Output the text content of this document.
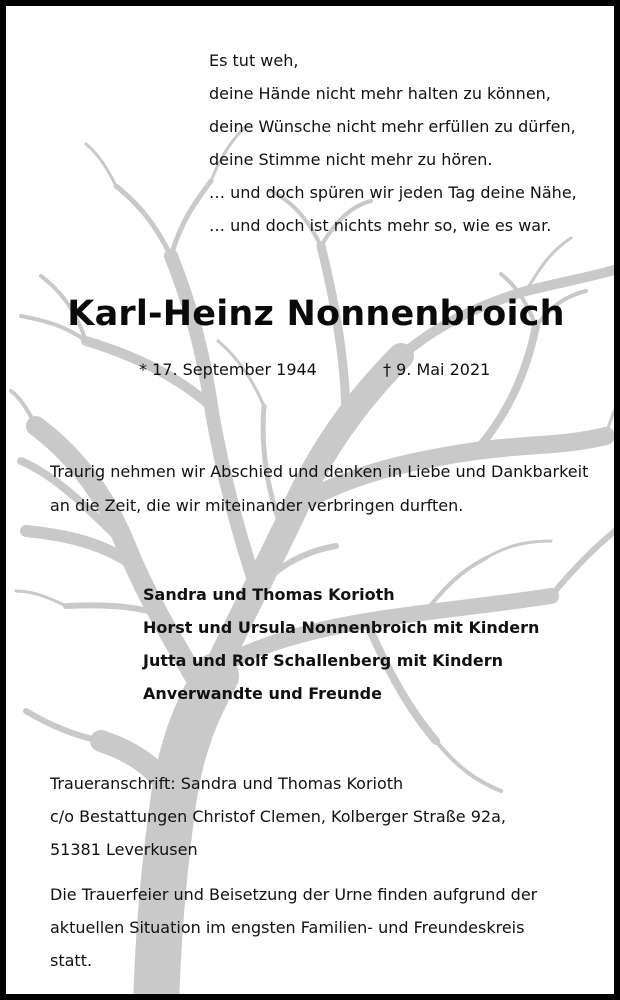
Es tut weh,
deine Hände nicht mehr halten zu können,
deine Wünsche nicht mehr erfüllen zu dürfen,
deine Stimme nicht mehr zu hören.
… und doch spüren wir jeden Tag deine Nähe,
… und doch ist nichts mehr so, wie es war.
Karl-Heinz Nonnenbroich
* 17. September 1944	† 9. Mai 2021
Traurig nehmen wir Abschied und denken in Liebe und Dankbarkeit
an die Zeit, die wir miteinander verbringen durften.
Sandra und Thomas Korioth
Horst und Ursula Nonnenbroich mit Kindern
Jutta und Rolf Schallenberg mit Kindern
Anverwandte und Freunde
Traueranschrift: Sandra und Thomas Korioth
c/o Bestattungen Christof Clemen, Kolberger Straße 92a,
51381 Leverkusen
Die Trauerfeier und Beisetzung der Urne finden aufgrund der
aktuellen Situation im engsten Familien- und Freundeskreis
statt.
